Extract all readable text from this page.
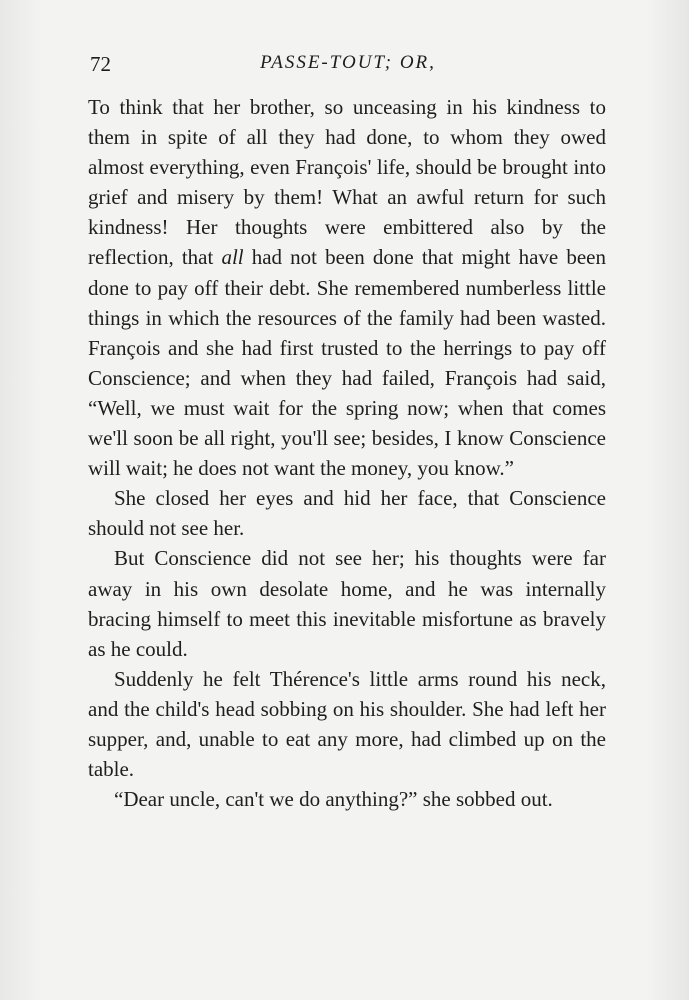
72	PASSE-TOUT; OR,

To think that her brother, so unceasing in his kindness to them in spite of all they had done, to whom they owed almost everything, even François' life, should be brought into grief and misery by them! What an awful return for such kindness! Her thoughts were embittered also by the reflection, that all had not been done that might have been done to pay off their debt. She remembered numberless little things in which the resources of the family had been wasted. François and she had first trusted to the herrings to pay off Conscience; and when they had failed, François had said, “Well, we must wait for the spring now; when that comes we'll soon be all right, you'll see; besides, I know Conscience will wait; he does not want the money, you know.”

She closed her eyes and hid her face, that Conscience should not see her.

But Conscience did not see her; his thoughts were far away in his own desolate home, and he was internally bracing himself to meet this inevitable misfortune as bravely as he could.

Suddenly he felt Thérence's little arms round his neck, and the child's head sobbing on his shoulder. She had left her supper, and, unable to eat any more, had climbed up on the table.

“Dear uncle, can't we do anything?” she sobbed out.
